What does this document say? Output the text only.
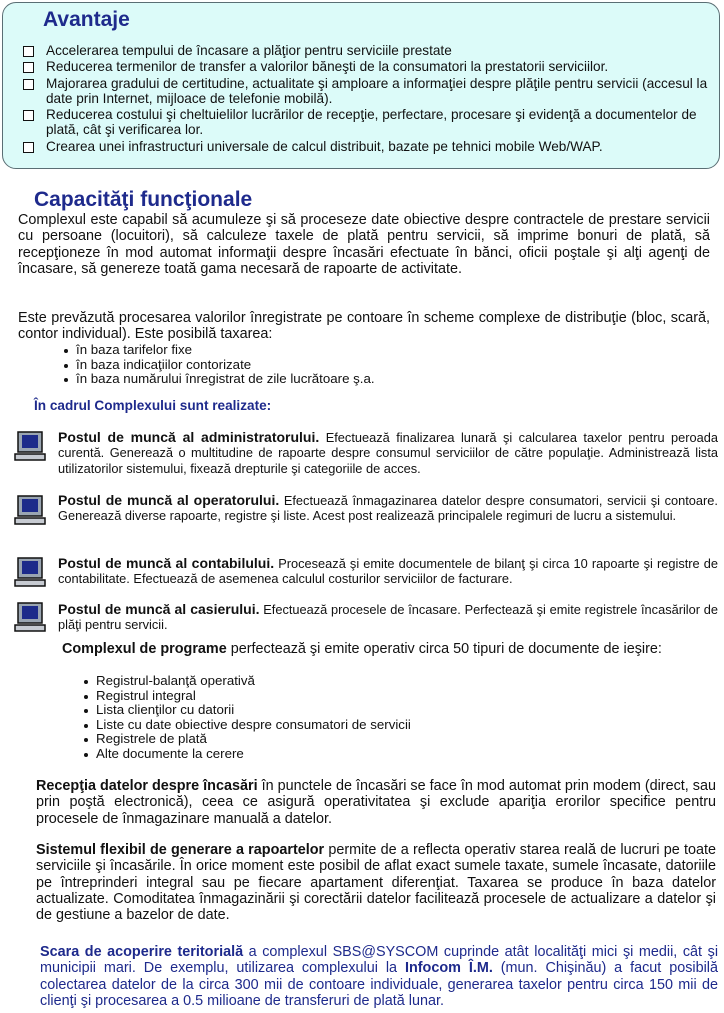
Avantaje
Accelerarea tempului de încasare a plăţior pentru serviciile prestate
Reducerea termenilor de transfer a valorilor băneşti de la consumatori la prestatorii serviciilor.
Majorarea gradului de certitudine, actualitate şi amploare a informaţiei despre plăţile pentru servicii (accesul la date prin Internet, mijloace de telefonie mobilă).
Reducerea costului şi cheltuielilor lucrărilor de recepţie, perfectare, procesare şi evidenţă a documentelor de plată, cât şi verificarea lor.
Crearea unei infrastructuri universale de calcul distribuit, bazate pe tehnici mobile Web/WAP.
Capacităţi funcţionale

Complexul este capabil să acumuleze şi să proceseze date obiective despre contractele de prestare servicii cu persoane (locuitori), să calculeze taxele de plată pentru servicii, să imprime bonuri de plată, să recepţioneze în mod automat informaţii despre încasări efectuate în bănci, oficii poştale şi alţi agenţi de încasare, să genereze toată gama necesară de rapoarte de activitate.

Este prevăzută procesarea valorilor înregistrate pe contoare în scheme complexe de distribuţie (bloc, scară, contor individual). Este posibilă taxarea:

în baza tarifelor fixe
în baza indicaţiilor contorizate
în baza numărului înregistrat de zile lucrătoare ş.a.
În cadrul Complexului sunt realizate:

Postul de muncă al administratorului. Efectuează finalizarea lunară şi calcularea taxelor pentru peroada curentă. Generează o multitudine de rapoarte despre consumul serviciilor de către populaţie. Administrează lista utilizatorilor sistemului, fixează drepturile şi categoriile de acces.

Postul de muncă al operatorului. Efectuează înmagazinarea datelor despre consumatori, servicii şi contoare. Generează diverse rapoarte, registre şi liste. Acest post realizează principalele regimuri de lucru a sistemului.

Postul de muncă al contabilului. Procesează şi emite documentele de bilanţ şi circa 10 rapoarte şi registre de contabilitate. Efectuează de asemenea calculul costurilor serviciilor de facturare.

Postul de muncă al casierului. Efectuează procesele de încasare. Perfectează şi emite registrele încasărilor de plăţi pentru servicii.

Complexul de programe perfectează şi emite operativ circa 50 tipuri de documente de ieşire:

Registrul-balanţă operativă
Registrul integral
Lista clienţilor cu datorii
Liste cu date obiective despre consumatori de servicii
Registrele de plată
Alte documente la cerere

Recepţia datelor despre încasări în punctele de încasări se face în mod automat prin modem (direct, sau prin poştă electronică), ceea ce asigură operativitatea şi exclude apariţia erorilor specifice pentru procesele de înmagazinare manuală a datelor.

Sistemul flexibil de generare a rapoartelor permite de a reflecta operativ starea reală de lucruri pe toate serviciile şi încasările. În orice moment este posibil de aflat exact sumele taxate, sumele încasate, datoriile pe întreprinderi integral sau pe fiecare apartament diferenţiat. Taxarea se produce în baza datelor actualizate. Comoditatea înmagazinării şi corectării datelor facilitează procesele de actualizare a datelor şi de gestiune a bazelor de date.

Scara de acoperire teritorială a complexul SBS@SYSCOM cuprinde atât localităţi mici şi medii, cât şi municipii mari. De exemplu, utilizarea complexului la Infocom Î.M. (mun. Chişinău) a facut posibilă colectarea datelor de la circa 300 mii de contoare individuale, generarea taxelor pentru circa 150 mii de clienţi şi procesarea a 0.5 milioane de transferuri de plată lunar.
